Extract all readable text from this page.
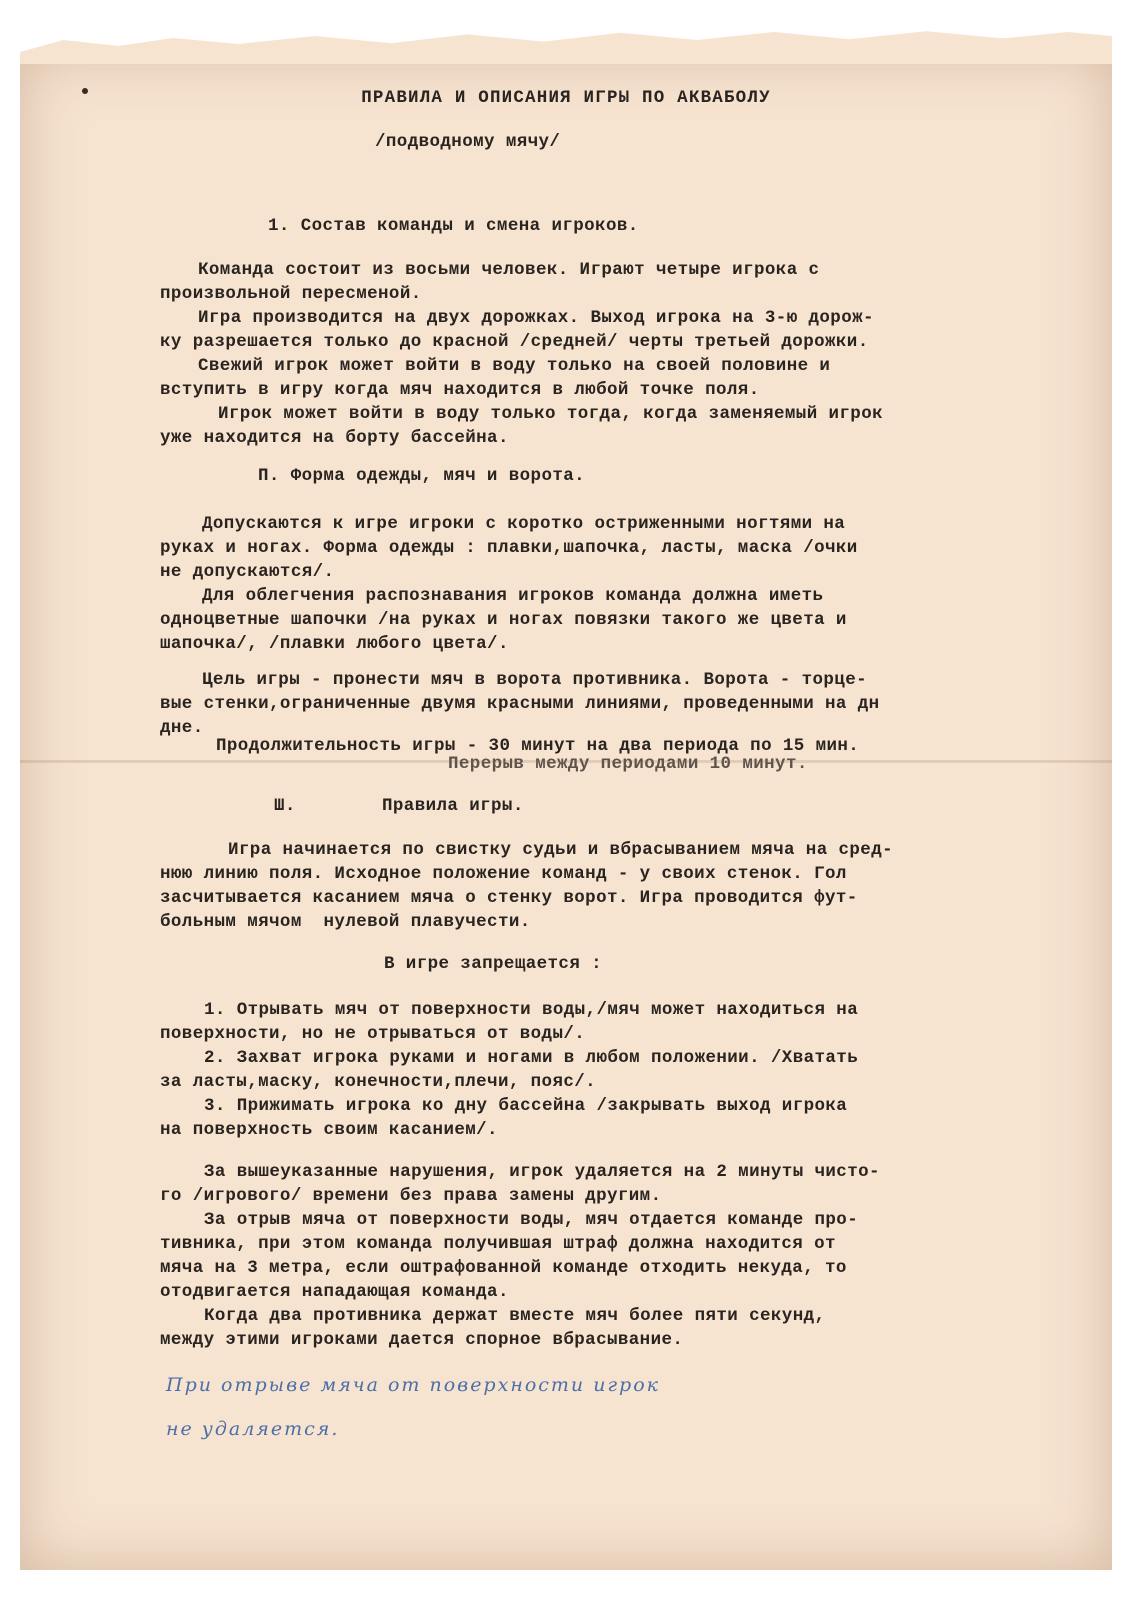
ПРАВИЛА И ОПИСАНИЯ ИГРЫ ПО АКВАБОЛУ

/подводному мячу/

1. Состав команды и смена игроков.

Команда состоит из восьми человек. Играют четыре игрока с

произвольной пересменой.

Игра производится на двух дорожках. Выход игрока на 3-ю дорож-

ку разрешается только до красной /средней/ черты третьей дорожки.

Свежий игрок может войти в воду только на своей половине и

вступить в игру когда мяч находится в любой точке поля.

Игрок может войти в воду только тогда, когда заменяемый игрок

уже находится на борту бассейна.

П. Форма одежды, мяч и ворота.

Допускаются к игре игроки с коротко остриженными ногтями на

руках и ногах. Форма одежды : плавки,шапочка, ласты, маска /очки

не допускаются/.

Для облегчения распознавания игроков команда должна иметь

одноцветные шапочки /на руках и ногах повязки такого же цвета и

шапочка/, /плавки любого цвета/.

Цель игры - пронести мяч в ворота противника. Ворота - торце-

вые стенки,ограниченные двумя красными линиями, проведенными на дн

дне.

Продолжительность игры - 30 минут на два периода по 15 мин.

Перерыв между периодами 10 минут.

Ш.	Правила игры.

Игра начинается по свистку судьи и вбрасыванием мяча на сред-

нюю линию поля. Исходное положение команд - у своих стенок. Гол

засчитывается касанием мяча о стенку ворот. Игра проводится фут-

больным мячом  нулевой плавучести.

В игре запрещается :

1. Отрывать мяч от поверхности воды,/мяч может находиться на

поверхности, но не отрываться от воды/.

2. Захват игрока руками и ногами в любом положении. /Хватать

за ласты,маску, конечности,плечи, пояс/.

3. Прижимать игрока ко дну бассейна /закрывать выход игрока

на поверхность своим касанием/.

За вышеуказанные нарушения, игрок удаляется на 2 минуты чисто-

го /игрового/ времени без права замены другим.

За отрыв мяча от поверхности воды, мяч отдается команде про-

тивника, при этом команда получившая штраф должна находится от

мяча на 3 метра, если оштрафованной команде отходить некуда, то

отодвигается нападающая команда.

Когда два противника держат вместе мяч более пяти секунд,

между этими игроками дается спорное вбрасывание.

При отрыве мяча от поверхности игрок

не удаляется.
